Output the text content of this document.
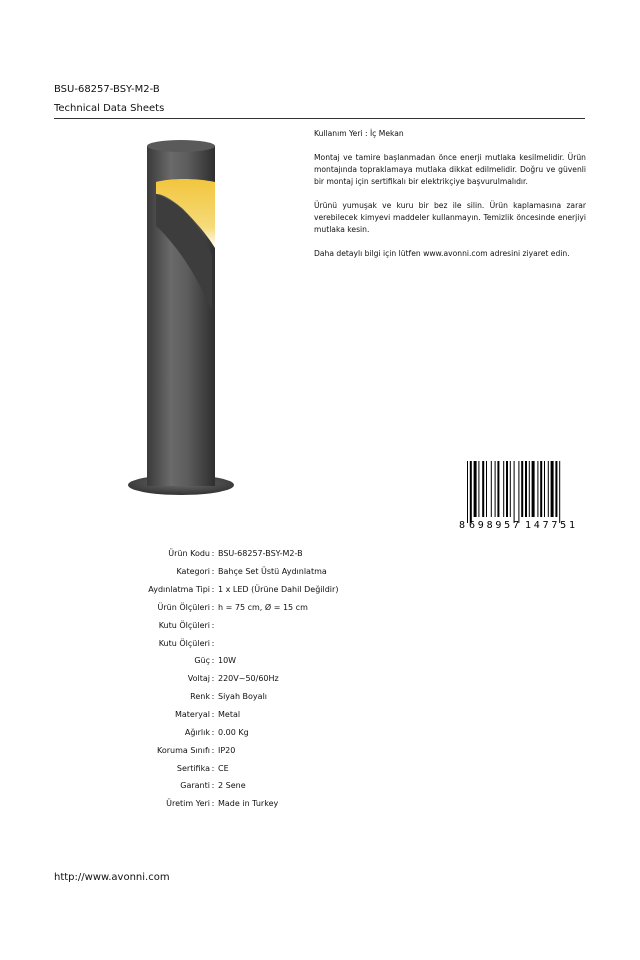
BSU-68257-BSY-M2-B
Technical Data Sheets

Kullanım Yeri : İç Mekan

Montaj ve tamire başlanmadan önce enerji mutlaka kesilmelidir. Ürün montajında topraklamaya mutlaka dikkat edilmelidir. Doğru ve güvenli bir montaj için sertifikalı bir elektrikçiye başvurulmalıdır.

Ürünü yumuşak ve kuru bir bez ile silin. Ürün kaplamasına zarar verebilecek kimyevi maddeler kullanmayın. Temizlik öncesinde enerjiyi mutlaka kesin.

Daha detaylı bilgi için lütfen www.avonni.com adresini ziyaret edin.

8 698957 147751
Ürün Kodu : BSU-68257-BSY-M2-B
Kategori : Bahçe Set Üstü Aydınlatma
Aydınlatma Tipi : 1 x LED (Ürüne Dahil Değildir)
Ürün Ölçüleri : h = 75 cm, Ø = 15 cm
Kutu Ölçüleri :
Kutu Ölçüleri :
Güç : 10W
Voltaj : 220V~50/60Hz
Renk : Siyah Boyalı
Materyal : Metal
Ağırlık : 0.00 Kg
Koruma Sınıfı : IP20
Sertifika : CE
Garanti : 2 Sene
Üretim Yeri : Made in Turkey
http://www.avonni.com
